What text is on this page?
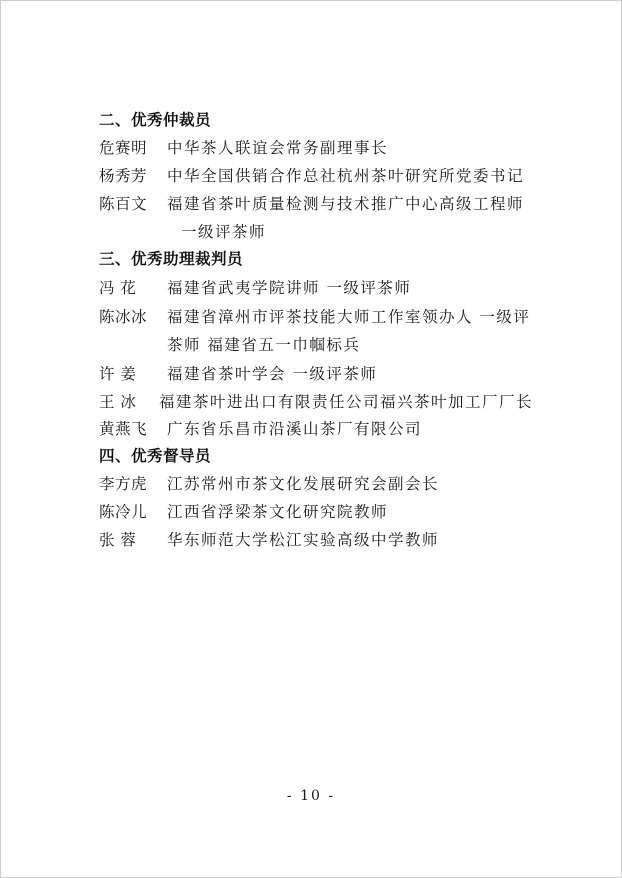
二、优秀仲裁员
危赛明 中华茶人联谊会常务副理事长
杨秀芳 中华全国供销合作总社杭州茶叶研究所党委书记
陈百文 福建省茶叶质量检测与技术推广中心高级工程师
一级评茶师
三、优秀助理裁判员
冯 花 福建省武夷学院讲师 一级评茶师
陈冰冰 福建省漳州市评茶技能大师工作室领办人 一级评
茶师 福建省五一巾帼标兵
许 姜 福建省茶叶学会 一级评茶师
王 冰 福建茶叶进出口有限责任公司福兴茶叶加工厂厂长
黄燕飞 广东省乐昌市沿溪山茶厂有限公司
四、优秀督导员
李方虎 江苏常州市茶文化发展研究会副会长
陈冷儿 江西省浮梁茶文化研究院教师
张 蓉 华东师范大学松江实验高级中学教师
- 10 -
